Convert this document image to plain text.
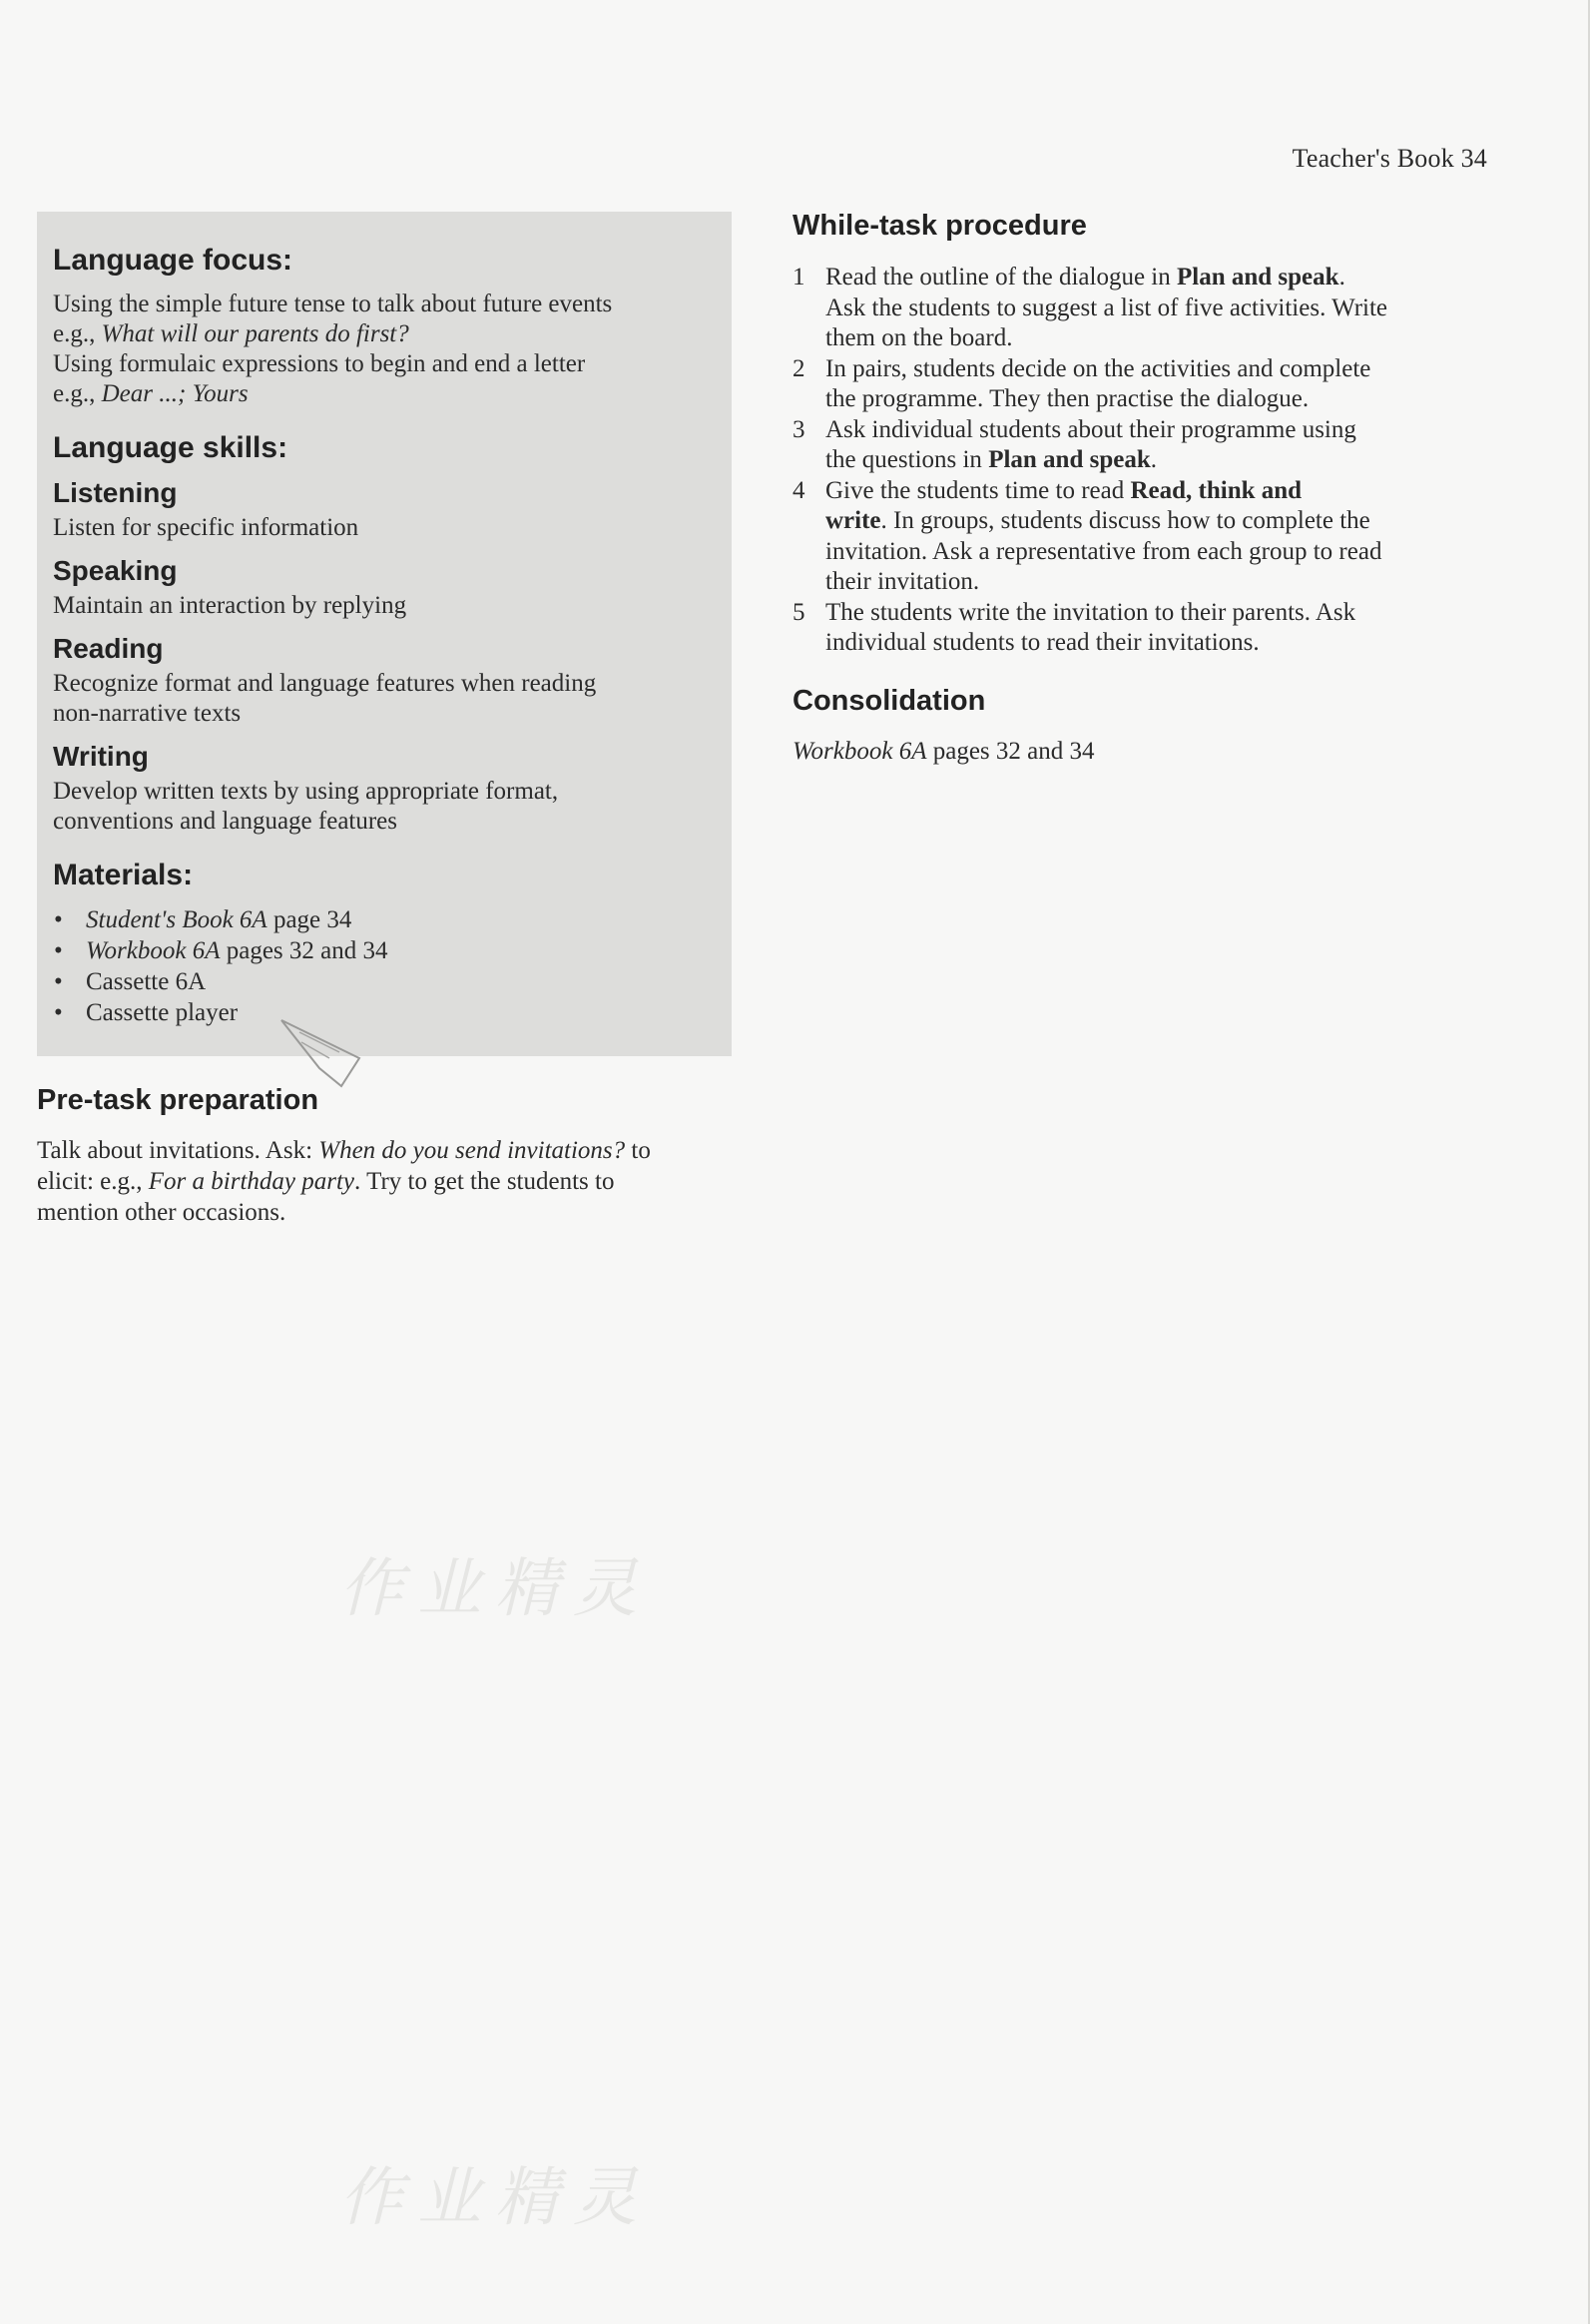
Teacher's Book 34
Language focus:

Using the simple future tense to talk about future events
e.g., What will our parents do first?
Using formulaic expressions to begin and end a letter
e.g., Dear ...; Yours

Language skills:
Listening

Listen for specific information

Speaking

Maintain an interaction by replying

Reading

Recognize format and language features when reading
non-narrative texts

Writing

Develop written texts by using appropriate format,
conventions and language features

Materials:
• Student's Book 6A page 34
• Workbook 6A pages 32 and 34
• Cassette 6A
• Cassette player
Pre-task preparation

Talk about invitations. Ask: When do you send invitations? to
elicit: e.g., For a birthday party. Try to get the students to
mention other occasions.

While-task procedure
1 Read the outline of the dialogue in Plan and speak.
Ask the students to suggest a list of five activities. Write
them on the board.
2 In pairs, students decide on the activities and complete
the programme. They then practise the dialogue.
3 Ask individual students about their programme using
the questions in Plan and speak.
4 Give the students time to read Read, think and
write. In groups, students discuss how to complete the
invitation. Ask a representative from each group to read
their invitation.
5 The students write the invitation to their parents. Ask
individual students to read their invitations.
Consolidation

Workbook 6A pages 32 and 34

作业精灵
作业精灵
